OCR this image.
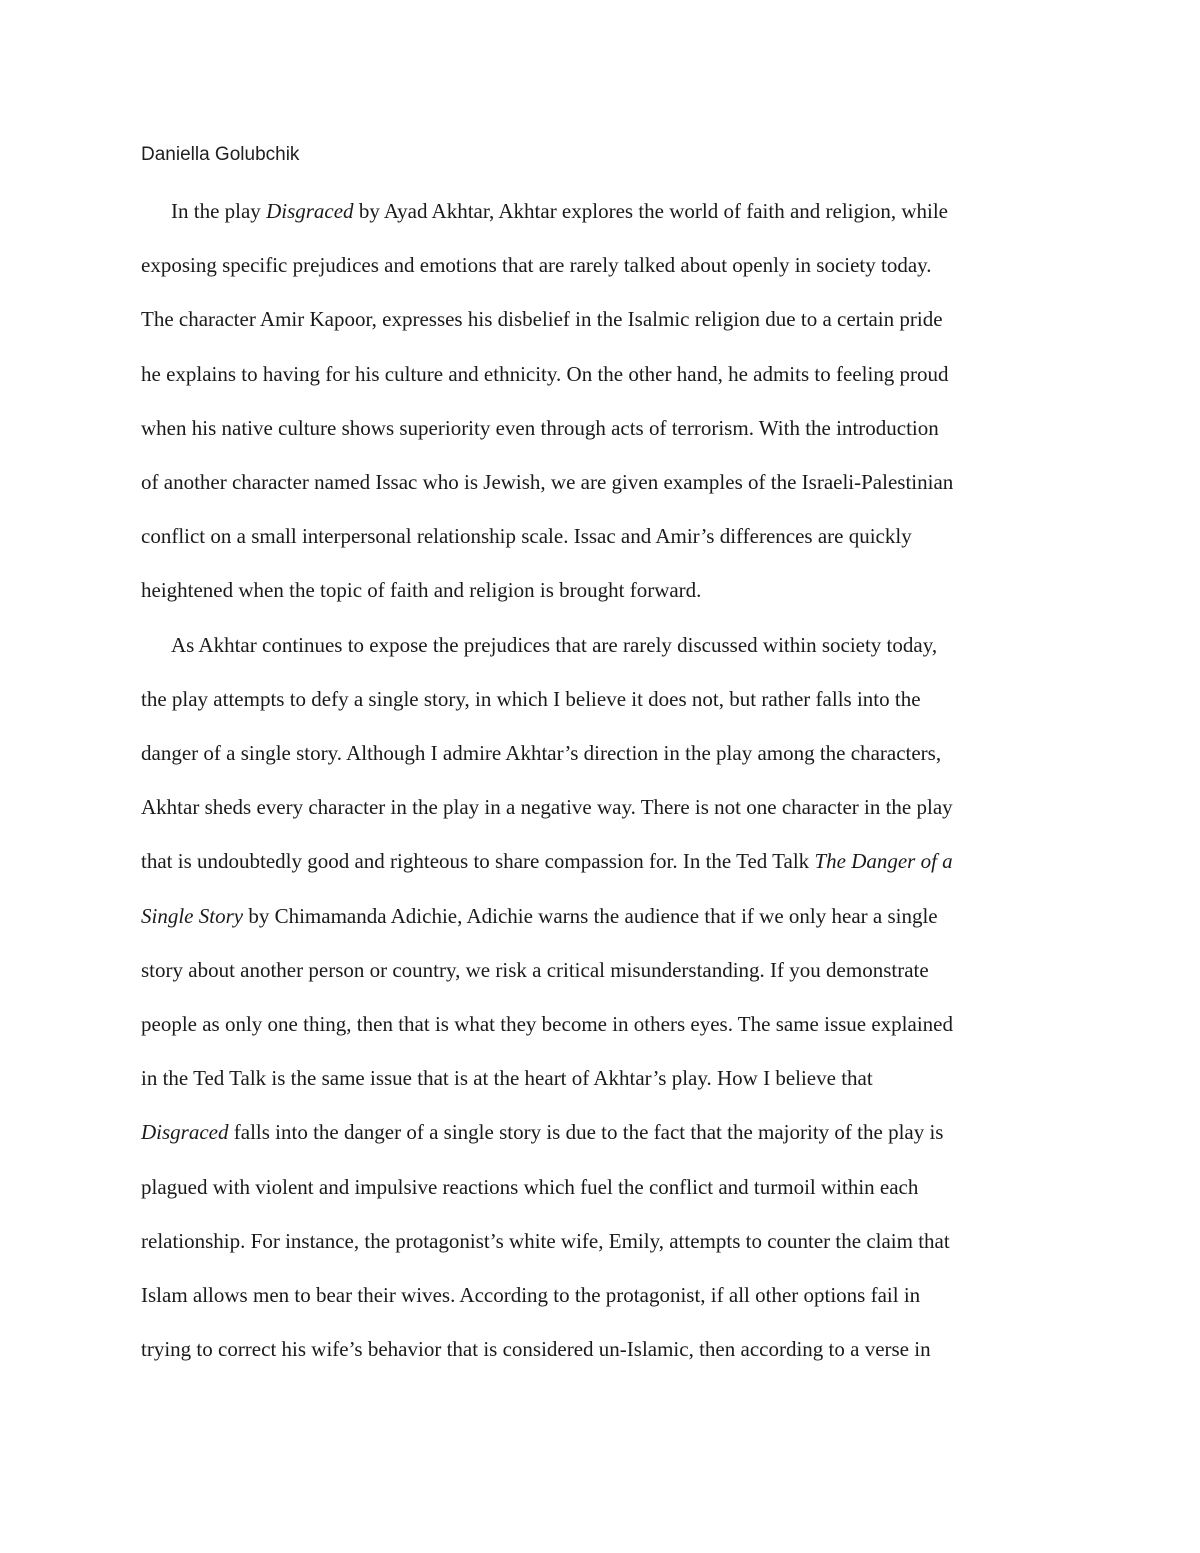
Daniella Golubchik

In the play Disgraced by Ayad Akhtar, Akhtar explores the world of faith and religion, while

exposing specific prejudices and emotions that are rarely talked about openly in society today.

The character Amir Kapoor, expresses his disbelief in the Isalmic religion due to a certain pride

he explains to having for his culture and ethnicity. On the other hand, he admits to feeling proud

when his native culture shows superiority even through acts of terrorism. With the introduction

of another character named Issac who is Jewish, we are given examples of the Israeli-Palestinian

conflict on a small interpersonal relationship scale. Issac and Amir’s differences are quickly

heightened when the topic of faith and religion is brought forward.

As Akhtar continues to expose the prejudices that are rarely discussed within society today,

the play attempts to defy a single story, in which I believe it does not, but rather falls into the

danger of a single story. Although I admire Akhtar’s direction in the play among the characters,

Akhtar sheds every character in the play in a negative way. There is not one character in the play

that is undoubtedly good and righteous to share compassion for. In the Ted Talk The Danger of a

Single Story by Chimamanda Adichie, Adichie warns the audience that if we only hear a single

story about another person or country, we risk a critical misunderstanding. If you demonstrate

people as only one thing, then that is what they become in others eyes. The same issue explained

in the Ted Talk is the same issue that is at the heart of Akhtar’s play. How I believe that

Disgraced falls into the danger of a single story is due to the fact that the majority of the play is

plagued with violent and impulsive reactions which fuel the conflict and turmoil within each

relationship. For instance, the protagonist’s white wife, Emily, attempts to counter the claim that

Islam allows men to bear their wives. According to the protagonist, if all other options fail in

trying to correct his wife’s behavior that is considered un-Islamic, then according to a verse in
